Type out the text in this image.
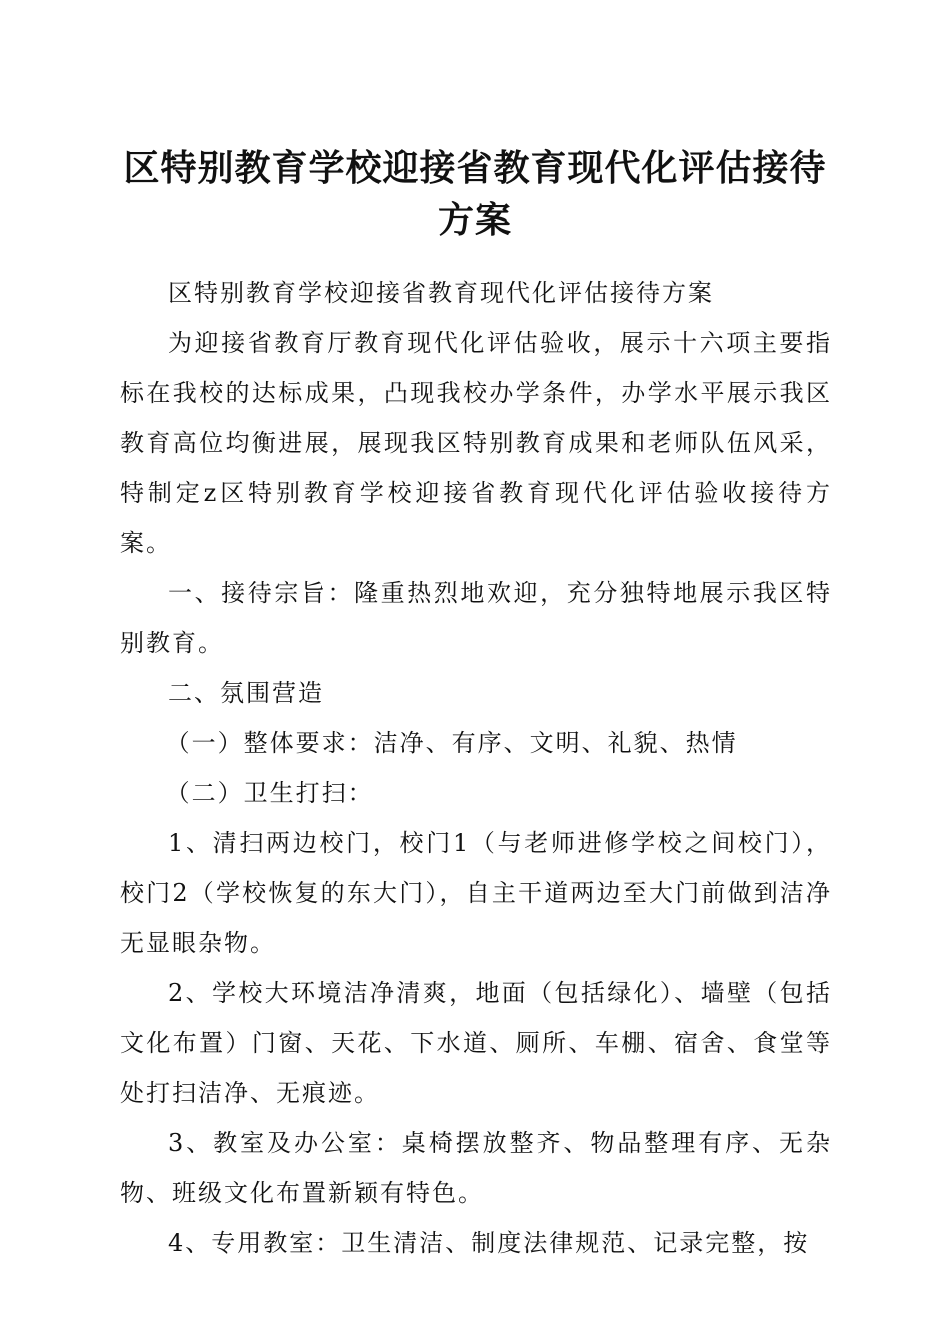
区特别教育学校迎接省教育现代化评估接待方案

区特别教育学校迎接省教育现代化评估接待方案

为迎接省教育厅教育现代化评估验收，展示十六项主要指标在我校的达标成果，凸现我校办学条件，办学水平展示我区教育高位均衡进展，展现我区特别教育成果和老师队伍风采，特制定z区特别教育学校迎接省教育现代化评估验收接待方案。

一、接待宗旨：隆重热烈地欢迎，充分独特地展示我区特别教育。

二、氛围营造

（一）整体要求：洁净、有序、文明、礼貌、热情

（二）卫生打扫：

1、清扫两边校门，校门1（与老师进修学校之间校门），校门2（学校恢复的东大门），自主干道两边至大门前做到洁净无显眼杂物。

2、学校大环境洁净清爽，地面（包括绿化）、墙壁（包括文化布置）门窗、天花、下水道、厕所、车棚、宿舍、食堂等处打扫洁净、无痕迹。

3、教室及办公室：桌椅摆放整齐、物品整理有序、无杂物、班级文化布置新颖有特色。

4、专用教室：卫生清洁、制度法律规范、记录完整，按
